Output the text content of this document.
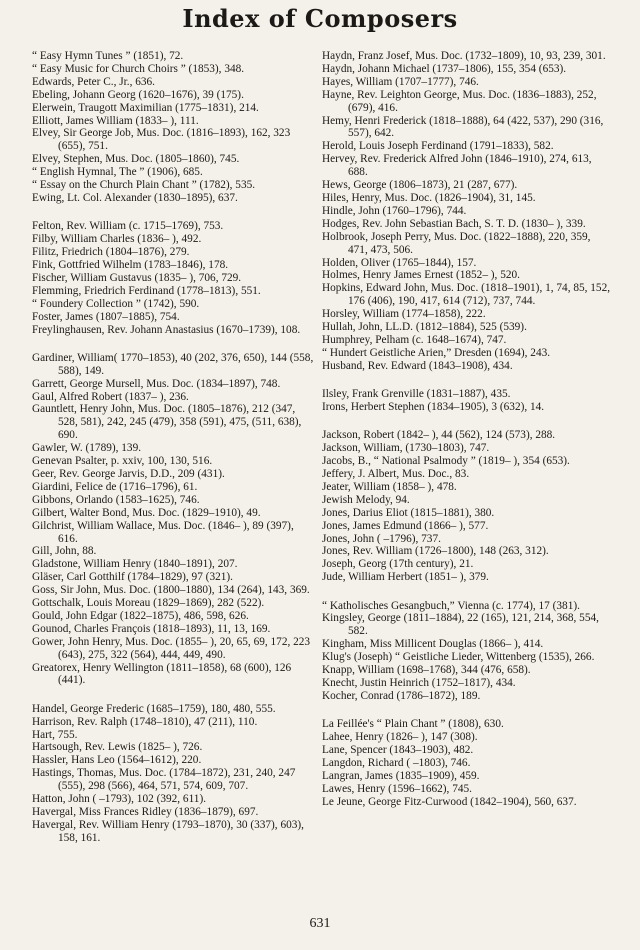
Index of Composers
“ Easy Hymn Tunes ” (1851), 72.
“ Easy Music for Church Choirs ” (1853), 348.
Edwards, Peter C., Jr., 636.
Ebeling, Johann Georg (1620–1676), 39 (175).
Elerwein, Traugott Maximilian (1775–1831), 214.
Elliott, James William (1833– ), 111.
Elvey, Sir George Job, Mus. Doc. (1816–1893), 162, 323 (655), 751.
Elvey, Stephen, Mus. Doc. (1805–1860), 745.
“ English Hymnal, The ” (1906), 685.
“ Essay on the Church Plain Chant ” (1782), 535.
Ewing, Lt. Col. Alexander (1830–1895), 637.
Felton, Rev. William (c. 1715–1769), 753.
Filby, William Charles (1836– ), 492.
Filitz, Friedrich (1804–1876), 279.
Fink, Gottfried Wilhelm (1783–1846), 178.
Fischer, William Gustavus (1835– ), 706, 729.
Flemming, Friedrich Ferdinand (1778–1813), 551.
“ Foundery Collection ” (1742), 590.
Foster, James (1807–1885), 754.
Freylinghausen, Rev. Johann Anastasius (1670–1739), 108.
Gardiner, William( 1770–1853), 40 (202, 376, 650), 144 (558, 588), 149.
Garrett, George Mursell, Mus. Doc. (1834–1897), 748.
Gaul, Alfred Robert (1837– ), 236.
Gauntlett, Henry John, Mus. Doc. (1805–1876), 212 (347, 528, 581), 242, 245 (479), 358 (591), 475, (511, 638), 690.
Gawler, W. (1789), 139.
Genevan Psalter, p. xxiv, 100, 130, 516.
Geer, Rev. George Jarvis, D.D., 209 (431).
Giardini, Felice de (1716–1796), 61.
Gibbons, Orlando (1583–1625), 746.
Gilbert, Walter Bond, Mus. Doc. (1829–1910), 49.
Gilchrist, William Wallace, Mus. Doc. (1846– ), 89 (397), 616.
Gill, John, 88.
Gladstone, William Henry (1840–1891), 207.
Gläser, Carl Gotthilf (1784–1829), 97 (321).
Goss, Sir John, Mus. Doc. (1800–1880), 134 (264), 143, 369.
Gottschalk, Louis Moreau (1829–1869), 282 (522).
Gould, John Edgar (1822–1875), 486, 598, 626.
Gounod, Charles François (1818–1893), 11, 13, 169.
Gower, John Henry, Mus. Doc. (1855– ), 20, 65, 69, 172, 223 (643), 275, 322 (564), 444, 449, 490.
Greatorex, Henry Wellington (1811–1858), 68 (600), 126 (441).
Handel, George Frederic (1685–1759), 180, 480, 555.
Harrison, Rev. Ralph (1748–1810), 47 (211), 110.
Hart, 755.
Hartsough, Rev. Lewis (1825– ), 726.
Hassler, Hans Leo (1564–1612), 220.
Hastings, Thomas, Mus. Doc. (1784–1872), 231, 240, 247 (555), 298 (566), 464, 571, 574, 609, 707.
Hatton, John ( –1793), 102 (392, 611).
Havergal, Miss Frances Ridley (1836–1879), 697.
Havergal, Rev. William Henry (1793–1870), 30 (337), 603), 158, 161.
Haydn, Franz Josef, Mus. Doc. (1732–1809), 10, 93, 239, 301.
Haydn, Johann Michael (1737–1806), 155, 354 (653).
Hayes, William (1707–1777), 746.
Hayne, Rev. Leighton George, Mus. Doc. (1836–1883), 252, (679), 416.
Hemy, Henri Frederick (1818–1888), 64 (422, 537), 290 (316, 557), 642.
Herold, Louis Joseph Ferdinand (1791–1833), 582.
Hervey, Rev. Frederick Alfred John (1846–1910), 274, 613, 688.
Hews, George (1806–1873), 21 (287, 677).
Hiles, Henry, Mus. Doc. (1826–1904), 31, 145.
Hindle, John (1760–1796), 744.
Hodges, Rev. John Sebastian Bach, S. T. D. (1830– ), 339.
Holbrook, Joseph Perry, Mus. Doc. (1822–1888), 220, 359, 471, 473, 506.
Holden, Oliver (1765–1844), 157.
Holmes, Henry James Ernest (1852– ), 520.
Hopkins, Edward John, Mus. Doc. (1818–1901), 1, 74, 85, 152, 176 (406), 190, 417, 614 (712), 737, 744.
Horsley, William (1774–1858), 222.
Hullah, John, LL.D. (1812–1884), 525 (539).
Humphrey, Pelham (c. 1648–1674), 747.
“ Hundert Geistliche Arien,” Dresden (1694), 243.
Husband, Rev. Edward (1843–1908), 434.
Ilsley, Frank Grenville (1831–1887), 435.
Irons, Herbert Stephen (1834–1905), 3 (632), 14.
Jackson, Robert (1842– ), 44 (562), 124 (573), 288.
Jackson, William, (1730–1803), 747.
Jacobs, B., “ National Psalmody ” (1819– ), 354 (653).
Jeffery, J. Albert, Mus. Doc., 83.
Jeater, William (1858– ), 478.
Jewish Melody, 94.
Jones, Darius Eliot (1815–1881), 380.
Jones, James Edmund (1866– ), 577.
Jones, John ( –1796), 737.
Jones, Rev. William (1726–1800), 148 (263, 312).
Joseph, Georg (17th century), 21.
Jude, William Herbert (1851– ), 379.
“ Katholisches Gesangbuch,” Vienna (c. 1774), 17 (381).
Kingsley, George (1811–1884), 22 (165), 121, 214, 368, 554, 582.
Kingham, Miss Millicent Douglas (1866– ), 414.
Klug's (Joseph) “ Geistliche Lieder, Wittenberg (1535), 266.
Knapp, William (1698–1768), 344 (476, 658).
Knecht, Justin Heinrich (1752–1817), 434.
Kocher, Conrad (1786–1872), 189.
La Feillée's “ Plain Chant ” (1808), 630.
Lahee, Henry (1826– ), 147 (308).
Lane, Spencer (1843–1903), 482.
Langdon, Richard ( –1803), 746.
Langran, James (1835–1909), 459.
Lawes, Henry (1596–1662), 745.
Le Jeune, George Fitz-Curwood (1842–1904), 560, 637.
631
